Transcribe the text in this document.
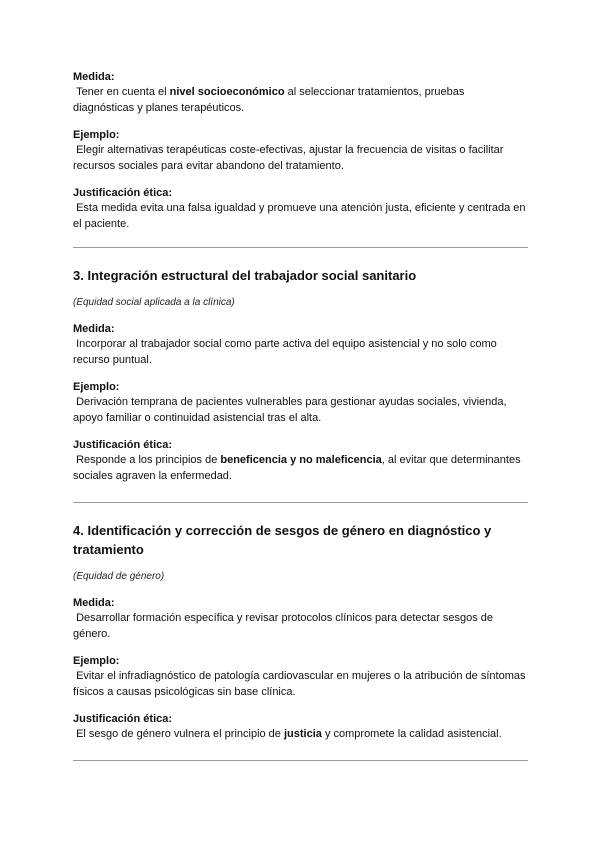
Medida:

Tener en cuenta el nivel socioeconómico al seleccionar tratamientos, pruebas diagnósticas y planes terapéuticos.

Ejemplo:

Elegir alternativas terapéuticas coste-efectivas, ajustar la frecuencia de visitas o facilitar recursos sociales para evitar abandono del tratamiento.

Justificación ética:

Esta medida evita una falsa igualdad y promueve una atención justa, eficiente y centrada en el paciente.

3. Integración estructural del trabajador social sanitario

(Equidad social aplicada a la clínica)

Medida:

Incorporar al trabajador social como parte activa del equipo asistencial y no solo como recurso puntual.

Ejemplo:

Derivación temprana de pacientes vulnerables para gestionar ayudas sociales, vivienda, apoyo familiar o continuidad asistencial tras el alta.

Justificación ética:

Responde a los principios de beneficencia y no maleficencia, al evitar que determinantes sociales agraven la enfermedad.

4. Identificación y corrección de sesgos de género en diagnóstico y tratamiento

(Equidad de género)

Medida:

Desarrollar formación específica y revisar protocolos clínicos para detectar sesgos de género.

Ejemplo:

Evitar el infradiagnóstico de patología cardiovascular en mujeres o la atribución de síntomas físicos a causas psicológicas sin base clínica.

Justificación ética:

El sesgo de género vulnera el principio de justicia y compromete la calidad asistencial.
